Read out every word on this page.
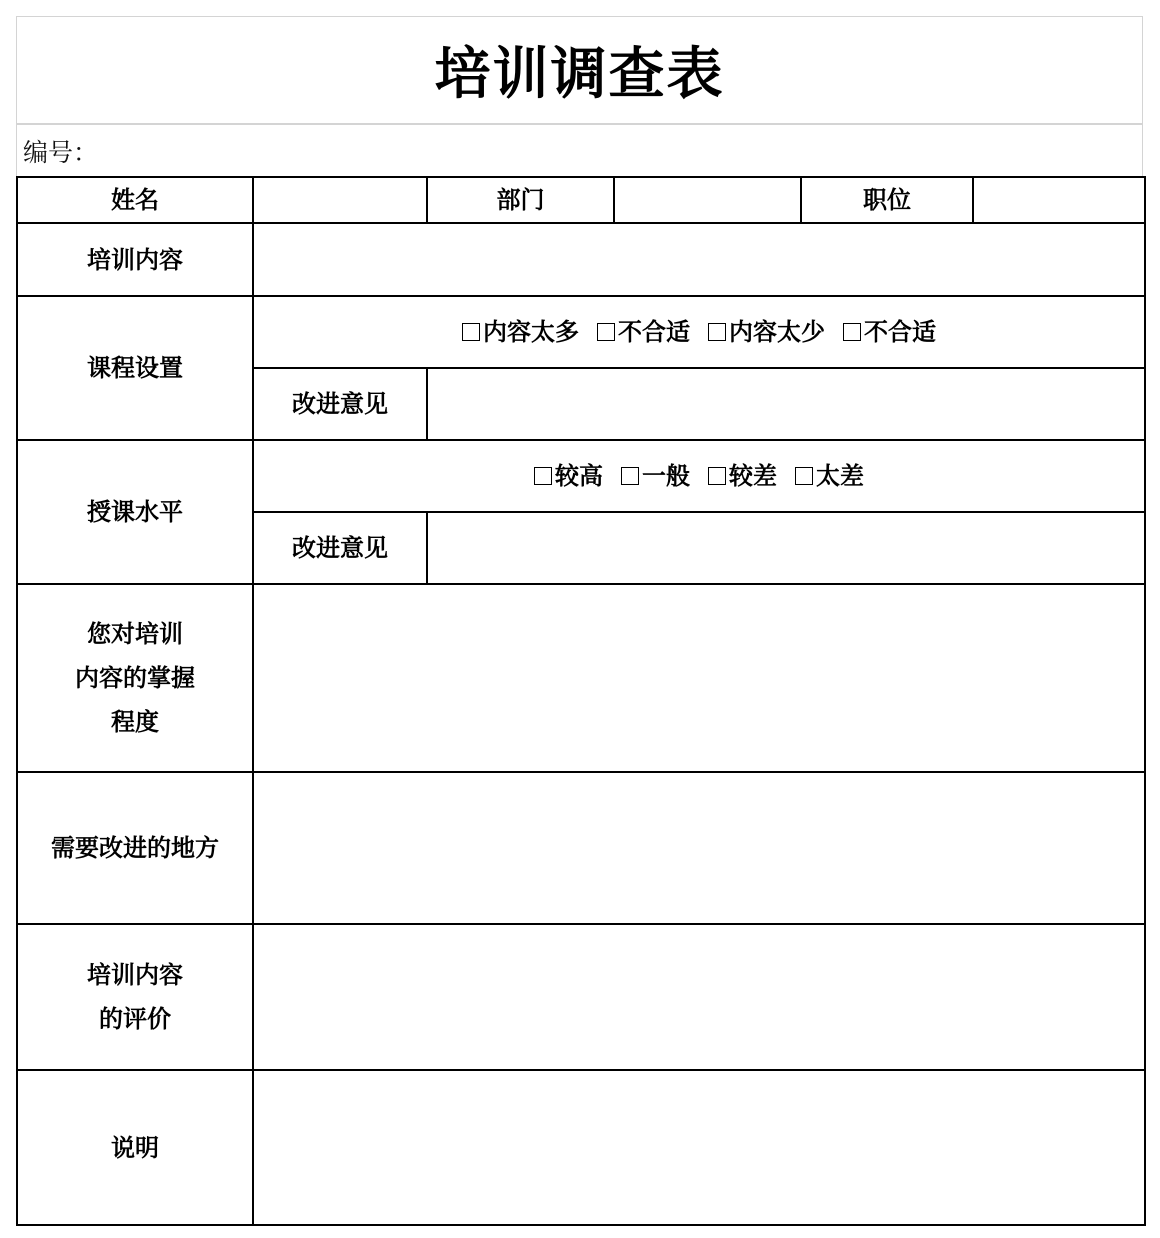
培训调查表
编号：
姓名		部门		职位	
培训内容					
课程设置	内容太多 不合适 内容太少 不合适				

	改进意见				
授课水平	较高 一般 较差 太差				

	改进意见				

您对培训
内容的掌握
程度					

需要改进的地方					

培训内容
的评价					

说明					
